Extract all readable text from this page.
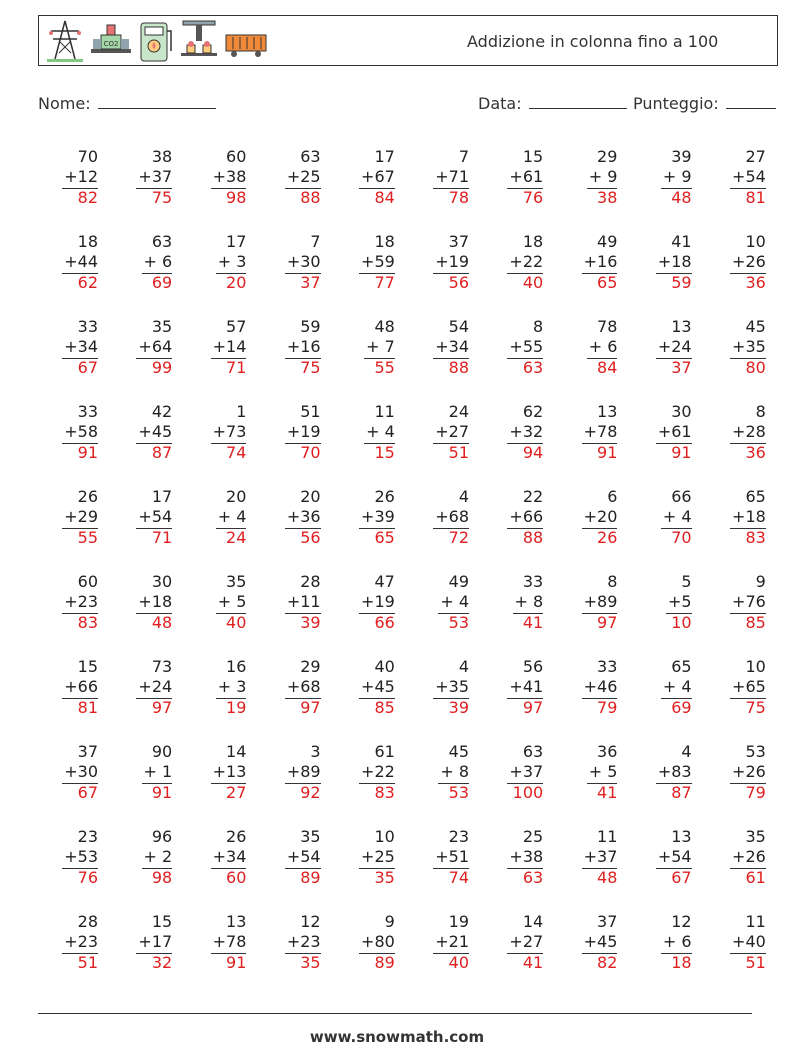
CO2	Addizione in colonna fino a 100
Nome:	Data:	Punteggio:
70
+12
82
38
+37
75
60
+38
98
63
+25
88
17
+67
84
7
+71
78
15
+61
76
29
+ 9
38
39
+ 9
48
27
+54
81
18
+44
62
63
+ 6
69
17
+ 3
20
7
+30
37
18
+59
77
37
+19
56
18
+22
40
49
+16
65
41
+18
59
10
+26
36
33
+34
67
35
+64
99
57
+14
71
59
+16
75
48
+ 7
55
54
+34
88
8
+55
63
78
+ 6
84
13
+24
37
45
+35
80
33
+58
91
42
+45
87
1
+73
74
51
+19
70
11
+ 4
15
24
+27
51
62
+32
94
13
+78
91
30
+61
91
8
+28
36
26
+29
55
17
+54
71
20
+ 4
24
20
+36
56
26
+39
65
4
+68
72
22
+66
88
6
+20
26
66
+ 4
70
65
+18
83
60
+23
83
30
+18
48
35
+ 5
40
28
+11
39
47
+19
66
49
+ 4
53
33
+ 8
41
8
+89
97
5
+5
10
9
+76
85
15
+66
81
73
+24
97
16
+ 3
19
29
+68
97
40
+45
85
4
+35
39
56
+41
97
33
+46
79
65
+ 4
69
10
+65
75
37
+30
67
90
+ 1
91
14
+13
27
3
+89
92
61
+22
83
45
+ 8
53
63
+37
100
36
+ 5
41
4
+83
87
53
+26
79
23
+53
76
96
+ 2
98
26
+34
60
35
+54
89
10
+25
35
23
+51
74
25
+38
63
11
+37
48
13
+54
67
35
+26
61
28
+23
51
15
+17
32
13
+78
91
12
+23
35
9
+80
89
19
+21
40
14
+27
41
37
+45
82
12
+ 6
18
11
+40
51
www.snowmath.com
